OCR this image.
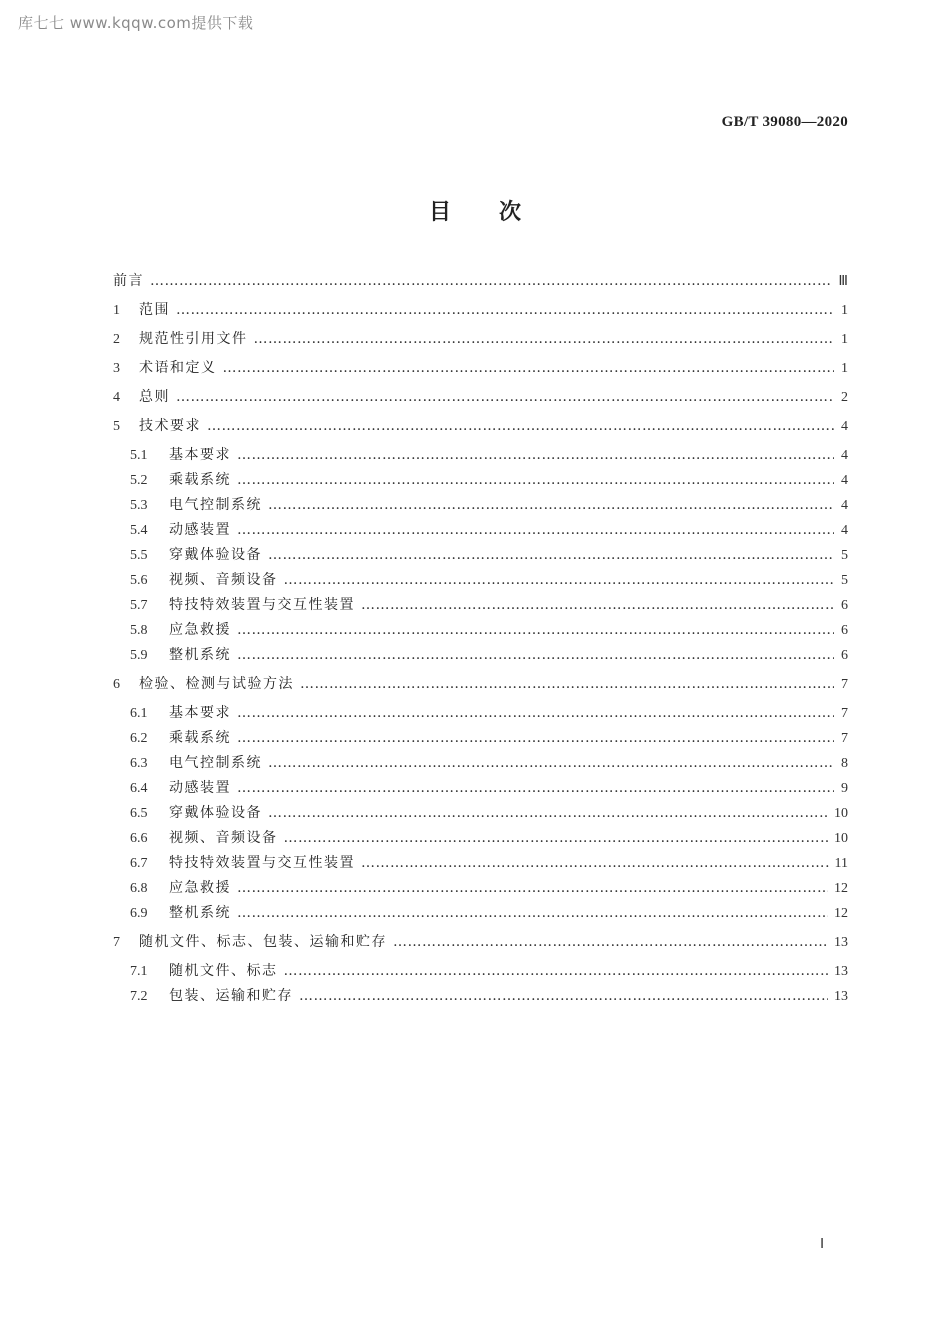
库七七 www.kqqw.com提供下载
GB/T 39080—2020
目次
前言 ……………………………………………………………………………………………………………………………………………………………………………………………………………	Ⅲ
1	范围 ……………………………………………………………………………………………………………………………………………………………………………………………………………	1
2	规范性引用文件 ……………………………………………………………………………………………………………………………………………………………………………………………………………	1
3	术语和定义 ……………………………………………………………………………………………………………………………………………………………………………………………………………	1
4	总则 ……………………………………………………………………………………………………………………………………………………………………………………………………………	2
5	技术要求 ……………………………………………………………………………………………………………………………………………………………………………………………………………	4
5.1	基本要求 ……………………………………………………………………………………………………………………………………………………………………………………………………………	4
5.2	乘载系统 ……………………………………………………………………………………………………………………………………………………………………………………………………………	4
5.3	电气控制系统 ……………………………………………………………………………………………………………………………………………………………………………………………………………	4
5.4	动感装置 ……………………………………………………………………………………………………………………………………………………………………………………………………………	4
5.5	穿戴体验设备 ……………………………………………………………………………………………………………………………………………………………………………………………………………	5
5.6	视频、音频设备 ……………………………………………………………………………………………………………………………………………………………………………………………………………	5
5.7	特技特效装置与交互性装置 ……………………………………………………………………………………………………………………………………………………………………………………………………………	6
5.8	应急救援 ……………………………………………………………………………………………………………………………………………………………………………………………………………	6
5.9	整机系统 ……………………………………………………………………………………………………………………………………………………………………………………………………………	6
6	检验、检测与试验方法 ……………………………………………………………………………………………………………………………………………………………………………………………………………	7
6.1	基本要求 ……………………………………………………………………………………………………………………………………………………………………………………………………………	7
6.2	乘载系统 ……………………………………………………………………………………………………………………………………………………………………………………………………………	7
6.3	电气控制系统 ……………………………………………………………………………………………………………………………………………………………………………………………………………	8
6.4	动感装置 ……………………………………………………………………………………………………………………………………………………………………………………………………………	9
6.5	穿戴体验设备 ……………………………………………………………………………………………………………………………………………………………………………………………………………	10
6.6	视频、音频设备 ……………………………………………………………………………………………………………………………………………………………………………………………………………	10
6.7	特技特效装置与交互性装置 ……………………………………………………………………………………………………………………………………………………………………………………………………………	11
6.8	应急救援 ……………………………………………………………………………………………………………………………………………………………………………………………………………	12
6.9	整机系统 ……………………………………………………………………………………………………………………………………………………………………………………………………………	12
7	随机文件、标志、包装、运输和贮存 ……………………………………………………………………………………………………………………………………………………………………………………………………………	13
7.1	随机文件、标志 ……………………………………………………………………………………………………………………………………………………………………………………………………………	13
7.2	包装、运输和贮存 ……………………………………………………………………………………………………………………………………………………………………………………………………………	13
Ⅰ
